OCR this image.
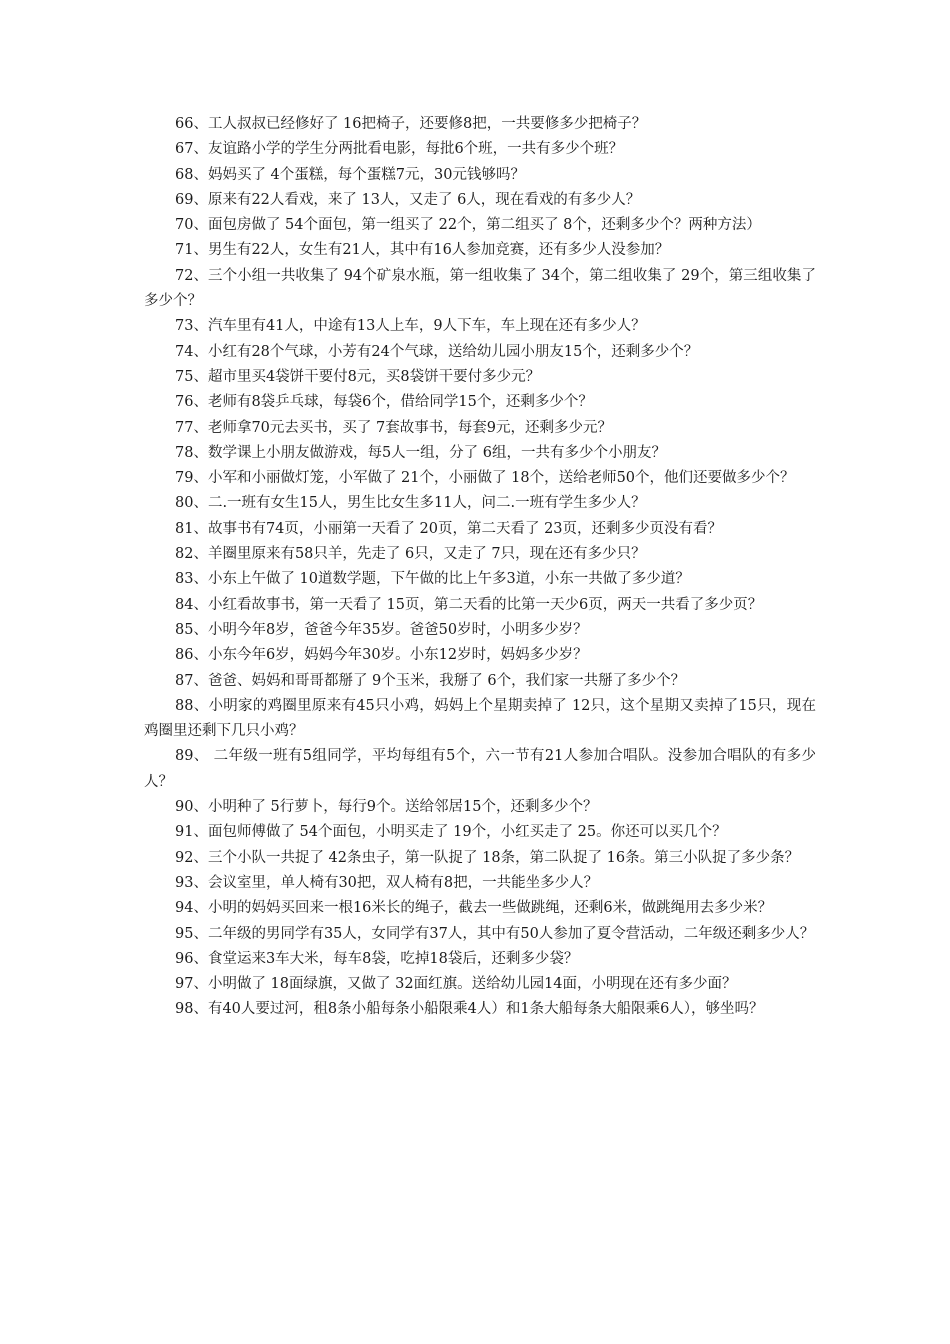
66、工人叔叔已经修好了 16把椅子，还要修8把，一共要修多少把椅子？

67、友谊路小学的学生分两批看电影，每批6个班，一共有多少个班？

68、妈妈买了 4个蛋糕，每个蛋糕7元，30元钱够吗？

69、原来有22人看戏，来了 13人，又走了 6人，现在看戏的有多少人？

70、面包房做了 54个面包，第一组买了 22个，第二组买了 8个，还剩多少个？两种方法）

71、男生有22人，女生有21人，其中有16人参加竞赛，还有多少人没参加？

72、三个小组一共收集了 94个矿泉水瓶，第一组收集了 34个，第二组收集了 29个，第三组收集了多少个？

73、汽车里有41人，中途有13人上车，9人下车，车上现在还有多少人？

74、小红有28个气球，小芳有24个气球，送给幼儿园小朋友15个，还剩多少个？

75、超市里买4袋饼干要付8元，买8袋饼干要付多少元？

76、老师有8袋乒乓球，每袋6个，借给同学15个，还剩多少个？

77、老师拿70元去买书，买了 7套故事书，每套9元，还剩多少元？

78、数学课上小朋友做游戏，每5人一组，分了 6组，一共有多少个小朋友？

79、小军和小丽做灯笼，小军做了 21个，小丽做了 18个，送给老师50个，他们还要做多少个？

80、二.一班有女生15人，男生比女生多11人，问二.一班有学生多少人？

81、故事书有74页，小丽第一天看了 20页，第二天看了 23页，还剩多少页没有看？

82、羊圈里原来有58只羊，先走了 6只，又走了 7只，现在还有多少只？

83、小东上午做了 10道数学题，下午做的比上午多3道，小东一共做了多少道？

84、小红看故事书，第一天看了 15页，第二天看的比第一天少6页，两天一共看了多少页？

85、小明今年8岁，爸爸今年35岁。爸爸50岁时，小明多少岁？

86、小东今年6岁，妈妈今年30岁。小东12岁时，妈妈多少岁？

87、爸爸、妈妈和哥哥都掰了 9个玉米，我掰了 6个，我们家一共掰了多少个？

88、小明家的鸡圈里原来有45只小鸡，妈妈上个星期卖掉了 12只，这个星期又卖掉了15只，现在鸡圈里还剩下几只小鸡？

89、 二年级一班有5组同学，平均每组有5个，六一节有21人参加合唱队。没参加合唱队的有多少人？

90、小明种了 5行萝卜，每行9个。送给邻居15个，还剩多少个？

91、面包师傅做了 54个面包，小明买走了 19个，小红买走了 25。你还可以买几个？

92、三个小队一共捉了 42条虫子，第一队捉了 18条，第二队捉了 16条。第三小队捉了多少条？

93、会议室里，单人椅有30把，双人椅有8把，一共能坐多少人？

94、小明的妈妈买回来一根16米长的绳子，截去一些做跳绳，还剩6米，做跳绳用去多少米？

95、二年级的男同学有35人，女同学有37人，其中有50人参加了夏令营活动，二年级还剩多少人？

96、食堂运来3车大米，每车8袋，吃掉18袋后，还剩多少袋？

97、小明做了 18面绿旗，又做了 32面红旗。送给幼儿园14面，小明现在还有多少面？

98、有40人要过河，租8条小船每条小船限乘4人）和1条大船每条大船限乘6人），够坐吗？
